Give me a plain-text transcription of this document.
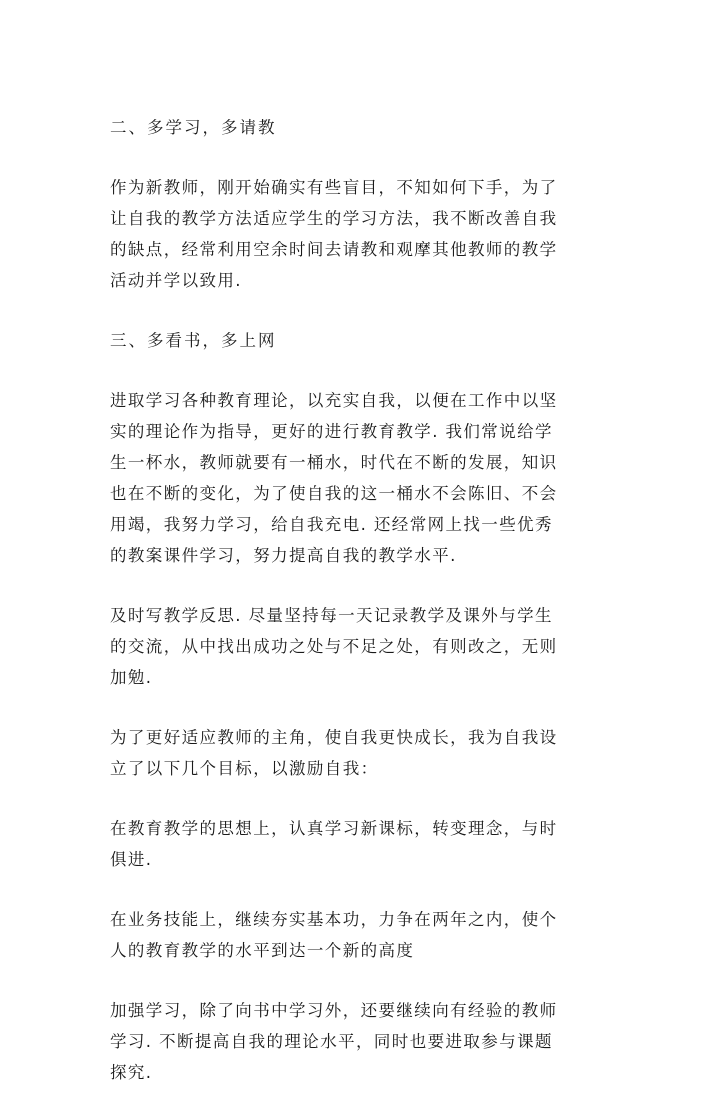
二、多学习，多请教
作为新教师，刚开始确实有些盲目，不知如何下手，为了
让自我的教学方法适应学生的学习方法，我不断改善自我
的缺点，经常利用空余时间去请教和观摩其他教师的教学
活动并学以致用.
三、多看书，多上网
进取学习各种教育理论，以充实自我，以便在工作中以坚
实的理论作为指导，更好的进行教育教学. 我们常说给学
生一杯水，教师就要有一桶水，时代在不断的发展，知识
也在不断的变化，为了使自我的这一桶水不会陈旧、不会
用竭，我努力学习，给自我充电. 还经常网上找一些优秀
的教案课件学习，努力提高自我的教学水平.
及时写教学反思. 尽量坚持每一天记录教学及课外与学生
的交流，从中找出成功之处与不足之处，有则改之，无则
加勉.
为了更好适应教师的主角，使自我更快成长，我为自我设
立了以下几个目标，以激励自我：
在教育教学的思想上，认真学习新课标，转变理念，与时
俱进.
在业务技能上，继续夯实基本功，力争在两年之内，使个
人的教育教学的水平到达一个新的高度
加强学习，除了向书中学习外，还要继续向有经验的教师
学习. 不断提高自我的理论水平，同时也要进取参与课题
探究.
